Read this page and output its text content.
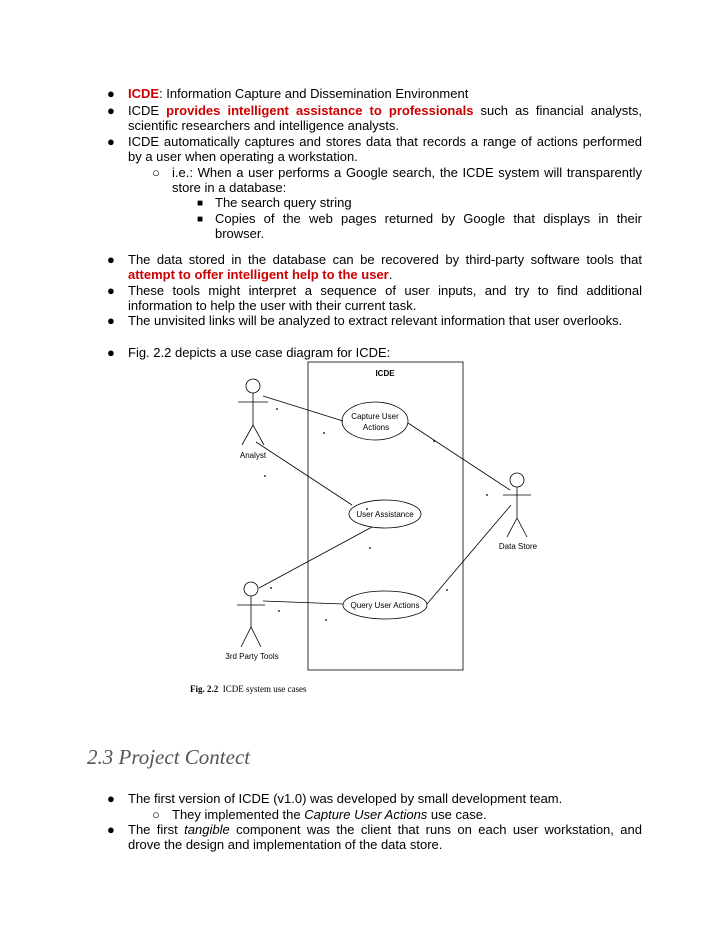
● ICDE: Information Capture and Dissemination Environment
● ICDE provides intelligent assistance to professionals such as financial analysts,
scientific researchers and intelligence analysts.
● ICDE automatically captures and stores data that records a range of actions performed
by a user when operating a workstation.
○ i.e.: When a user performs a Google search, the ICDE system will transparently
store in a database:
■ The search query string
■ Copies of the web pages returned by Google that displays in their
browser.
● The data stored in the database can be recovered by third-party software tools that
attempt to offer intelligent help to the user.
● These tools might interpret a sequence of user inputs, and try to find additional
information to help the user with their current task.
● The unvisited links will be analyzed to extract relevant information that user overlooks.
● Fig. 2.2 depicts a use case diagram for ICDE:
ICDE
Capture User
Actions
User Assistance
Query User Actions
Analyst
Data Store
3rd Party Tools
Fig. 2.2 ICDE system use cases
2.3 Project Contect
● The first version of ICDE (v1.0) was developed by small development team.
○ They implemented the Capture User Actions use case.
● The first tangible component was the client that runs on each user workstation, and
drove the design and implementation of the data store.
